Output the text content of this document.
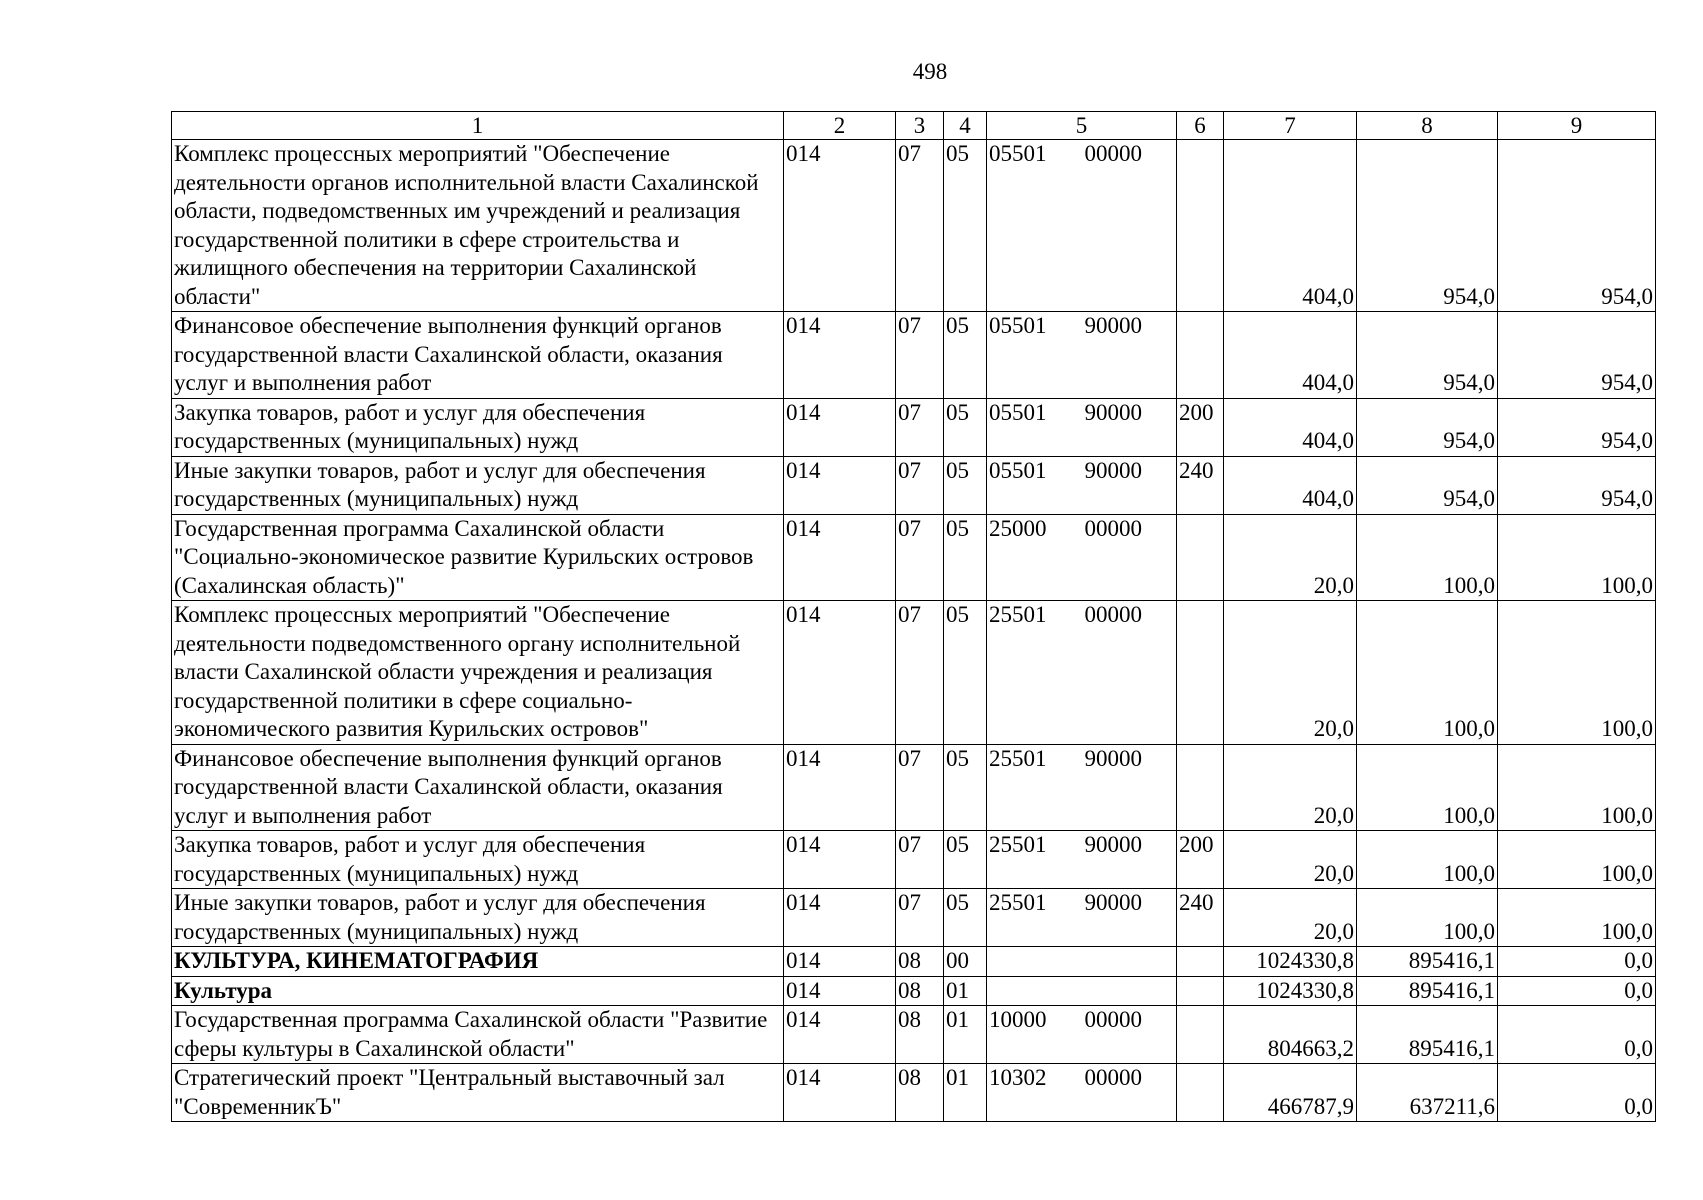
498
1	2	3	4	5	6	7	8	9
Комплекс процессных мероприятий "Обеспечение деятельности органов исполнительной власти Сахалинской области, подведомственных им учреждений и реализация государственной политики в сфере строительства и жилищного обеспечения на территории Сахалинской области"	014	07	05	05501 00000		404,0	954,0	954,0
Финансовое обеспечение выполнения функций органов государственной власти Сахалинской области, оказания услуг и выполнения работ	014	07	05	05501 90000		404,0	954,0	954,0
Закупка товаров, работ и услуг для обеспечения государственных (муниципальных) нужд	014	07	05	05501 90000	200	404,0	954,0	954,0
Иные закупки товаров, работ и услуг для обеспечения государственных (муниципальных) нужд	014	07	05	05501 90000	240	404,0	954,0	954,0
Государственная программа Сахалинской области "Социально-экономическое развитие Курильских островов (Сахалинская область)"	014	07	05	25000 00000		20,0	100,0	100,0
Комплекс процессных мероприятий "Обеспечение деятельности подведомственного органу исполнительной власти Сахалинской области учреждения и реализация государственной политики в сфере социально-экономического развития Курильских островов"	014	07	05	25501 00000		20,0	100,0	100,0
Финансовое обеспечение выполнения функций органов государственной власти Сахалинской области, оказания услуг и выполнения работ	014	07	05	25501 90000		20,0	100,0	100,0
Закупка товаров, работ и услуг для обеспечения государственных (муниципальных) нужд	014	07	05	25501 90000	200	20,0	100,0	100,0
Иные закупки товаров, работ и услуг для обеспечения государственных (муниципальных) нужд	014	07	05	25501 90000	240	20,0	100,0	100,0
КУЛЬТУРА, КИНЕМАТОГРАФИЯ	014	08	00			1024330,8	895416,1	0,0
Культура	014	08	01			1024330,8	895416,1	0,0
Государственная программа Сахалинской области "Развитие сферы культуры в Сахалинской области"	014	08	01	10000 00000		804663,2	895416,1	0,0
Стратегический проект "Центральный выставочный зал "СовременникЪ"	014	08	01	10302 00000		466787,9	637211,6	0,0
